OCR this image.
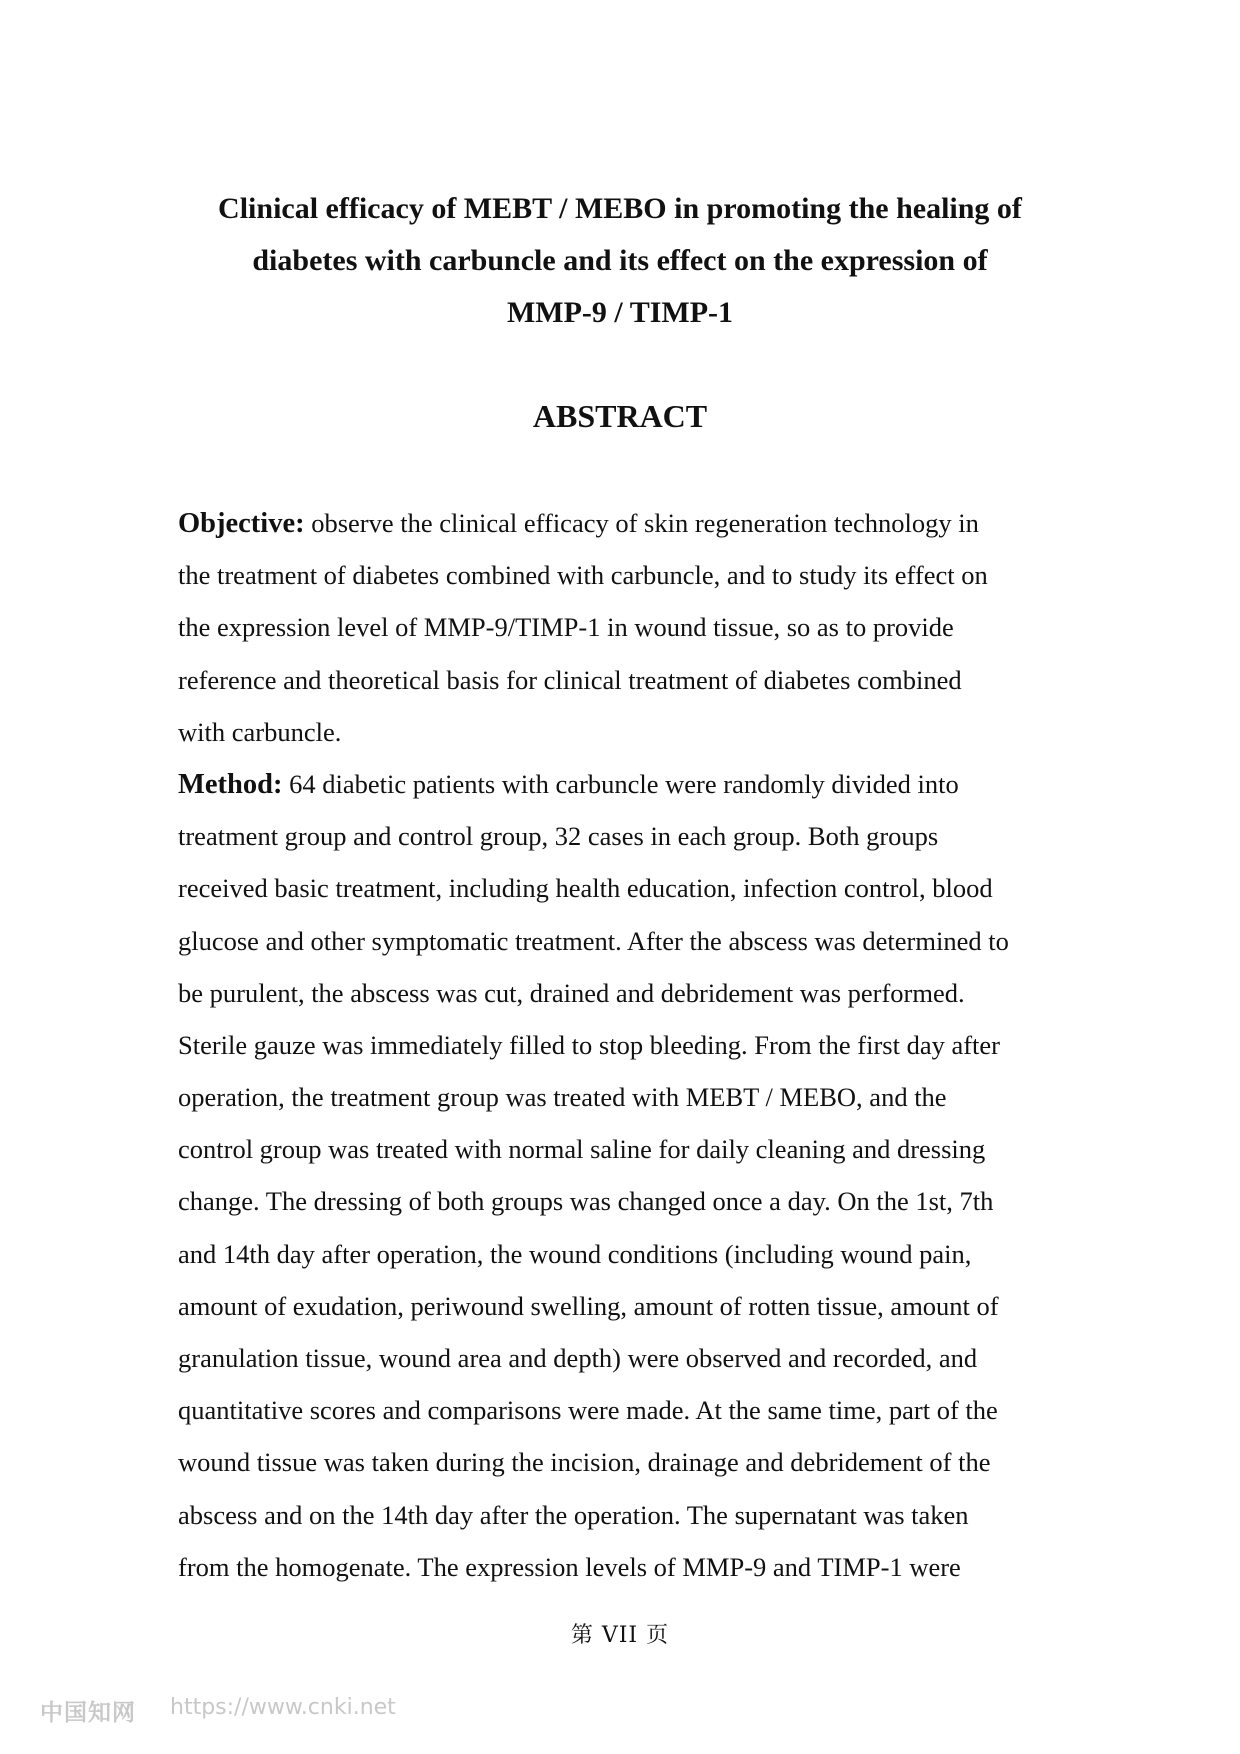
Clinical efficacy of MEBT / MEBO in promoting the healing of
diabetes with carbuncle and its effect on the expression of
MMP-9 / TIMP-1
ABSTRACT
Objective: observe the clinical efficacy of skin regeneration technology in
the treatment of diabetes combined with carbuncle, and to study its effect on
the expression level of MMP-9/TIMP-1 in wound tissue, so as to provide
reference and theoretical basis for clinical treatment of diabetes combined
with carbuncle.
Method: 64 diabetic patients with carbuncle were randomly divided into
treatment group and control group, 32 cases in each group. Both groups
received basic treatment, including health education, infection control, blood
glucose and other symptomatic treatment. After the abscess was determined to
be purulent, the abscess was cut, drained and debridement was performed.
Sterile gauze was immediately filled to stop bleeding. From the first day after
operation, the treatment group was treated with MEBT / MEBO, and the
control group was treated with normal saline for daily cleaning and dressing
change. The dressing of both groups was changed once a day. On the 1st, 7th
and 14th day after operation, the wound conditions (including wound pain,
amount of exudation, periwound swelling, amount of rotten tissue, amount of
granulation tissue, wound area and depth) were observed and recorded, and
quantitative scores and comparisons were made. At the same time, part of the
wound tissue was taken during the incision, drainage and debridement of the
abscess and on the 14th day after the operation. The supernatant was taken
from the homogenate. The expression levels of MMP-9 and TIMP-1 were
第 VII 页
中国知网 https://www.cnki.net
